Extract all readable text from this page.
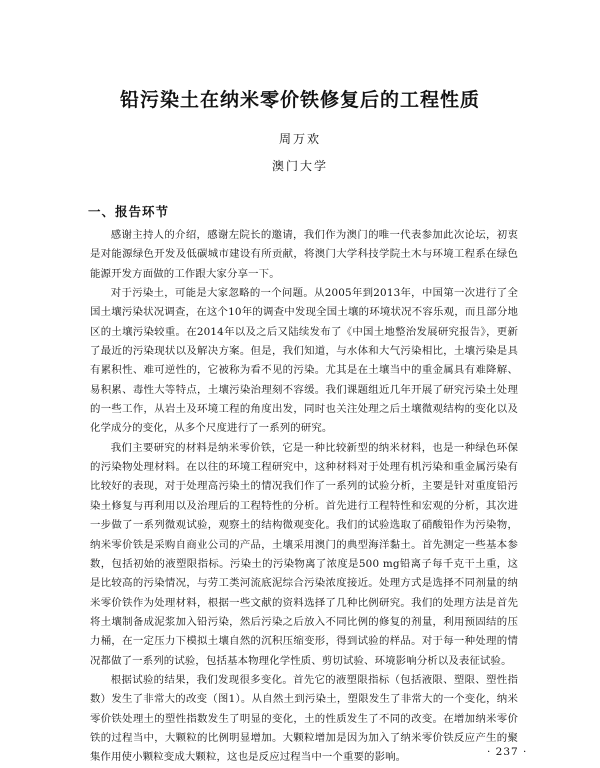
铅污染土在纳米零价铁修复后的工程性质
周万欢
澳门大学
一、报告环节

感谢主持人的介绍，感谢左院长的邀请，我们作为澳门的唯一代表参加此次论坛，初衷是对能源绿色开发及低碳城市建设有所贡献，将澳门大学科技学院土木与环境工程系在绿色能源开发方面做的工作跟大家分享一下。

对于污染土，可能是大家忽略的一个问题。从2005年到2013年，中国第一次进行了全国土壤污染状况调查，在这个10年的调查中发现全国土壤的环境状况不容乐观，而且部分地区的土壤污染较重。在2014年以及之后又陆续发布了《中国土地整治发展研究报告》，更新了最近的污染现状以及解决方案。但是，我们知道，与水体和大气污染相比，土壤污染是具有累积性、难可逆性的，它被称为看不见的污染。尤其是在土壤当中的重金属具有难降解、易积累、毒性大等特点，土壤污染治理刻不容缓。我们课题组近几年开展了研究污染土处理的一些工作，从岩土及环境工程的角度出发，同时也关注处理之后土壤微观结构的变化以及化学成分的变化，从多个尺度进行了一系列的研究。

我们主要研究的材料是纳米零价铁，它是一种比较新型的纳米材料，也是一种绿色环保的污染物处理材料。在以往的环境工程研究中，这种材料对于处理有机污染和重金属污染有比较好的表现，对于处理高污染土的情况我们作了一系列的试验分析，主要是针对重度铅污染土修复与再利用以及治理后的工程特性的分析。首先进行工程特性和宏观的分析，其次进一步做了一系列微观试验，观察土的结构微观变化。我们的试验选取了硝酸铅作为污染物，纳米零价铁是采购自商业公司的产品，土壤采用澳门的典型海洋黏土。首先测定一些基本参数，包括初始的液塑限指标。污染土的污染物离了浓度是500 mg铅离子每千克干土重，这是比较高的污染情况，与劳工类河流底泥综合污染浓度接近。处理方式是选择不同剂量的纳米零价铁作为处理材料，根据一些文献的资料选择了几种比例研究。我们的处理方法是首先将土壤制备成泥浆加入铅污染，然后污染之后放入不同比例的修复的剂量，利用预固结的压力桶，在一定压力下模拟土壤自然的沉积压缩变形，得到试验的样品。对于每一种处理的情况都做了一系列的试验，包括基本物理化学性质、剪切试验、环境影响分析以及表征试验。

根据试验的结果，我们发现很多变化。首先它的液塑限指标（包括液限、塑限、塑性指数）发生了非常大的改变（图1）。从自然土到污染土，塑限发生了非常大的一个变化，纳米零价铁处理土的塑性指数发生了明显的变化，土的性质发生了不同的改变。在增加纳米零价铁的过程当中，大颗粒的比例明显增加。大颗粒增加是因为加入了纳米零价铁反应产生的聚集作用使小颗粒变成大颗粒，这也是反应过程当中一个重要的影响。	· 237 ·
